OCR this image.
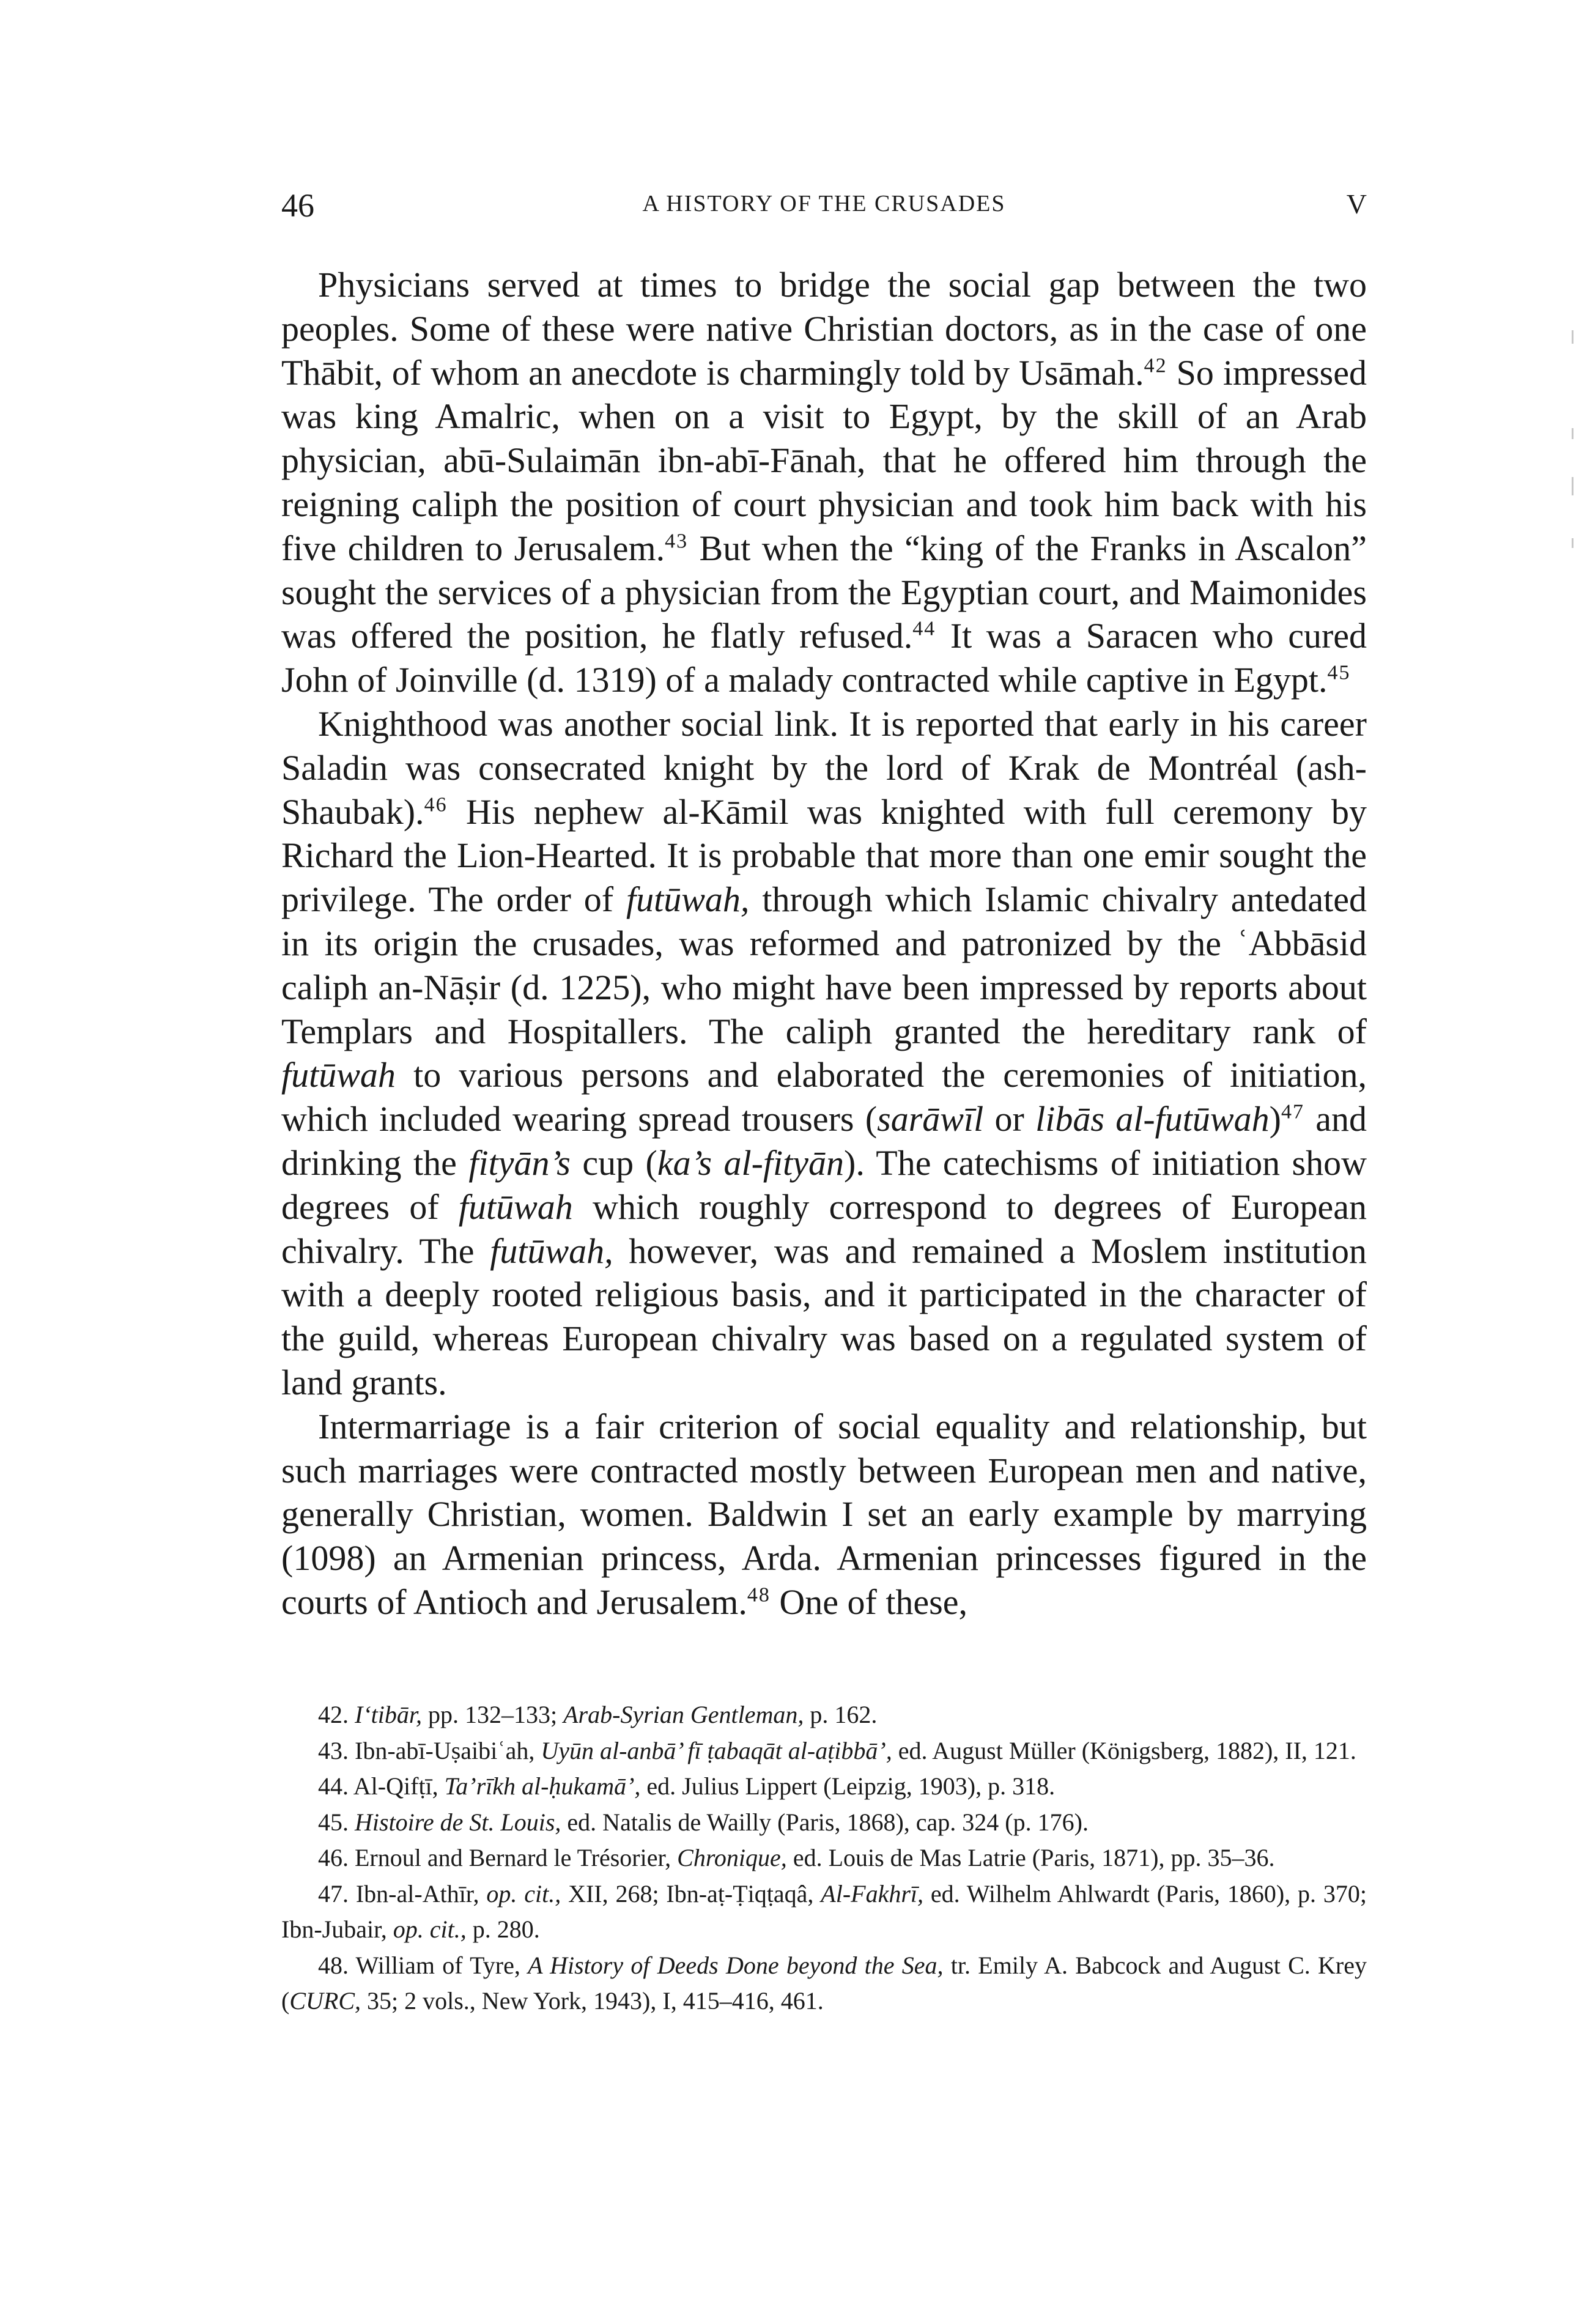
46	A HISTORY OF THE CRUSADES	V

Physicians served at times to bridge the social gap between the two peoples. Some of these were native Christian doctors, as in the case of one Thābit, of whom an anecdote is charmingly told by Usāmah.$^{42}$ So impressed was king Amalric, when on a visit to Egypt, by the skill of an Arab physician, abū-Sulaimān ibn-abī-Fānah, that he offered him through the reigning caliph the position of court physician and took him back with his five children to Jerusalem.$^{43}$ But when the “king of the Franks in Ascalon” sought the services of a physician from the Egyptian court, and Maimonides was offered the position, he flatly refused.$^{44}$ It was a Saracen who cured John of Joinville (d. 1319) of a malady contracted while captive in Egypt.$^{45}$

Knighthood was another social link. It is reported that early in his career Saladin was consecrated knight by the lord of Krak de Montréal (ash-Shaubak).$^{46}$ His nephew al-Kāmil was knighted with full ceremony by Richard the Lion-Hearted. It is probable that more than one emir sought the privilege. The order of futūwah, through which Islamic chivalry antedated in its origin the crusades, was reformed and patronized by the ʿAbbāsid caliph an-Nāṣir (d. 1225), who might have been impressed by reports about Templars and Hospitallers. The caliph granted the hereditary rank of futūwah to various persons and elaborated the ceremonies of initiation, which included wearing spread trousers (sarāwīl or libās al-futūwah)$^{47}$ and drinking the fityān’s cup (ka’s al-fityān). The catechisms of initiation show degrees of futūwah which roughly correspond to degrees of European chivalry. The futūwah, however, was and remained a Moslem institution with a deeply rooted religious basis, and it participated in the character of the guild, whereas European chivalry was based on a regulated system of land grants.

Intermarriage is a fair criterion of social equality and relationship, but such marriages were contracted mostly between European men and native, generally Christian, women. Baldwin I set an early example by marrying (1098) an Armenian princess, Arda. Armenian princesses figured in the courts of Antioch and Jerusalem.$^{48}$ One of these,

42. I‘tibār, pp. 132–133; Arab-Syrian Gentleman, p. 162.

43. Ibn-abī-Uṣaibiʿah, Uyūn al-anbā’ fī ṭabaqāt al-aṭibbā’, ed. August Müller (Königsberg, 1882), II, 121.

44. Al-Qifṭī, Ta’rīkh al-ḥukamā’, ed. Julius Lippert (Leipzig, 1903), p. 318.

45. Histoire de St. Louis, ed. Natalis de Wailly (Paris, 1868), cap. 324 (p. 176).

46. Ernoul and Bernard le Trésorier, Chronique, ed. Louis de Mas Latrie (Paris, 1871), pp. 35–36.

47. Ibn-al-Athīr, op. cit., XII, 268; Ibn-aṭ-Ṭiqṭaqâ, Al-Fakhrī, ed. Wilhelm Ahlwardt (Paris, 1860), p. 370; Ibn-Jubair, op. cit., p. 280.

48. William of Tyre, A History of Deeds Done beyond the Sea, tr. Emily A. Babcock and August C. Krey (CURC, 35; 2 vols., New York, 1943), I, 415–416, 461.
